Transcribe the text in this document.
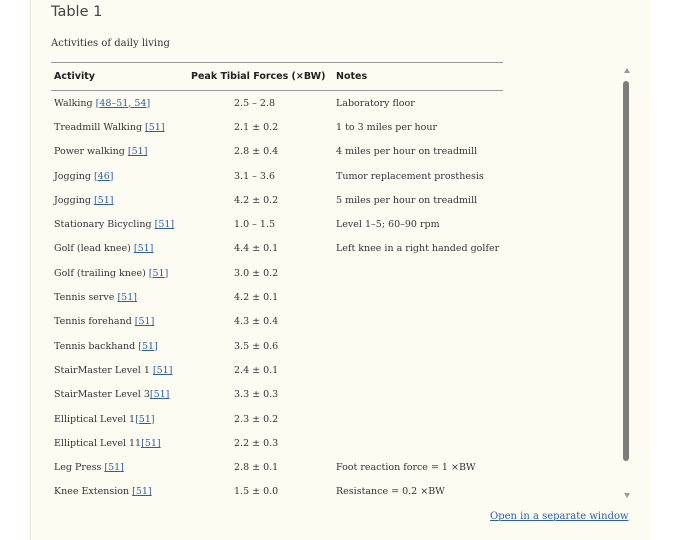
Table 1
Activities of daily living
Activity	Peak Tibial Forces (×BW)	Notes
Walking [48–51, 54]	2.5 – 2.8	Laboratory floor
Treadmill Walking [51]	2.1 ± 0.2	1 to 3 miles per hour
Power walking [51]	2.8 ± 0.4	4 miles per hour on treadmill
Jogging [46]	3.1 – 3.6	Tumor replacement prosthesis
Jogging [51]	4.2 ± 0.2	5 miles per hour on treadmill
Stationary Bicycling [51]	1.0 – 1.5	Level 1–5; 60–90 rpm
Golf (lead knee) [51]	4.4 ± 0.1	Left knee in a right handed golfer
Golf (trailing knee) [51]	3.0 ± 0.2	
Tennis serve [51]	4.2 ± 0.1	
Tennis forehand [51]	4.3 ± 0.4	
Tennis backhand [51]	3.5 ± 0.6	
StairMaster Level 1 [51]	2.4 ± 0.1	
StairMaster Level 3[51]	3.3 ± 0.3	
Elliptical Level 1[51]	2.3 ± 0.2	
Elliptical Level 11[51]	2.2 ± 0.3	
Leg Press [51]	2.8 ± 0.1	Foot reaction force = 1 ×BW
Knee Extension [51]	1.5 ± 0.0	Resistance = 0.2 ×BW
Open in a separate window
